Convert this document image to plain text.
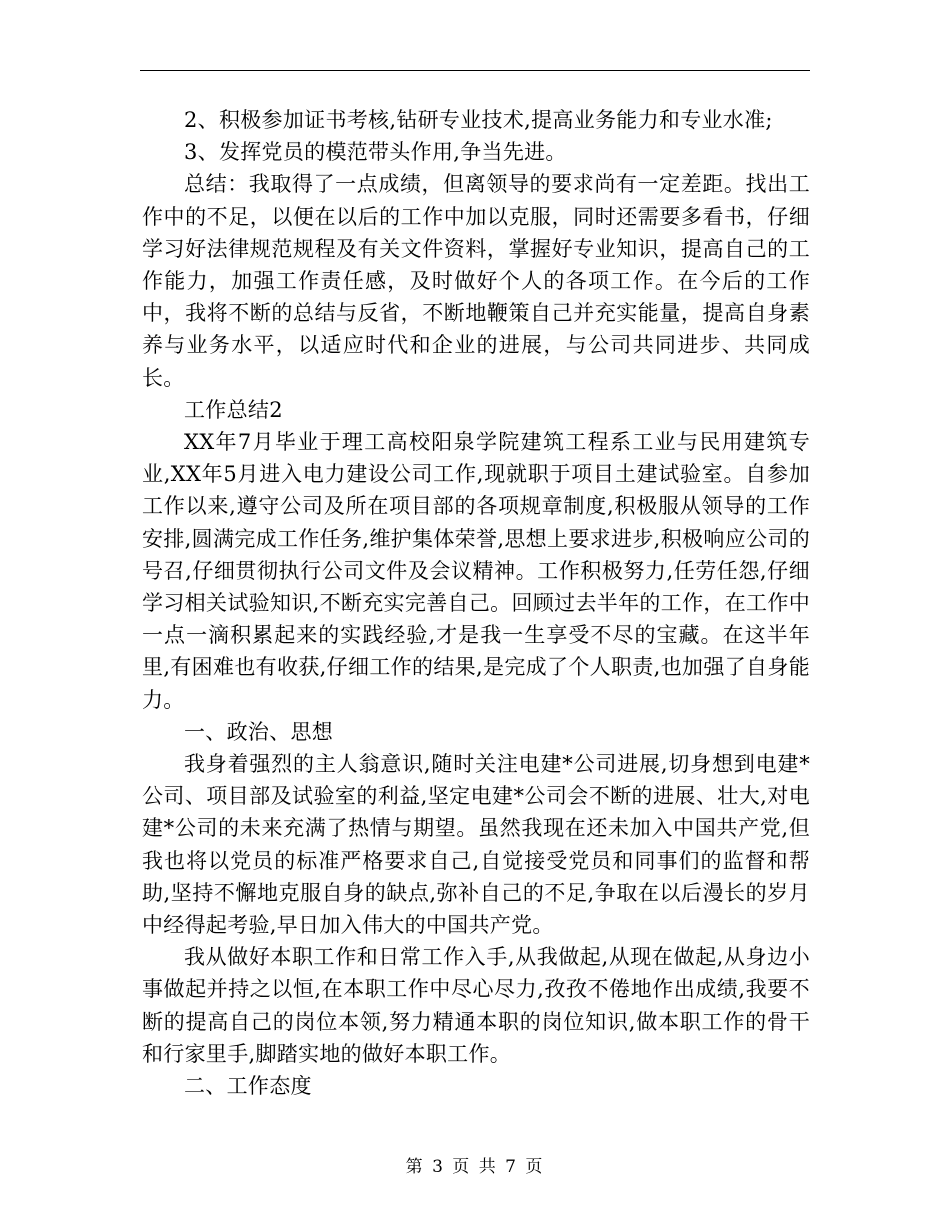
2、积极参加证书考核,钻研专业技术,提高业务能力和专业水准;

3、发挥党员的模范带头作用,争当先进。

总结：我取得了一点成绩，但离领导的要求尚有一定差距。找出工作中的不足，以便在以后的工作中加以克服，同时还需要多看书，仔细学习好法律规范规程及有关文件资料，掌握好专业知识，提高自己的工作能力，加强工作责任感，及时做好个人的各项工作。在今后的工作中，我将不断的总结与反省，不断地鞭策自己并充实能量，提高自身素养与业务水平，以适应时代和企业的进展，与公司共同进步、共同成长。

工作总结2

XX年7月毕业于理工高校阳泉学院建筑工程系工业与民用建筑专业,XX年5月进入电力建设公司工作,现就职于项目土建试验室。自参加工作以来,遵守公司及所在项目部的各项规章制度,积极服从领导的工作安排,圆满完成工作任务,维护集体荣誉,思想上要求进步,积极响应公司的号召,仔细贯彻执行公司文件及会议精神。工作积极努力,任劳任怨,仔细学习相关试验知识,不断充实完善自己。回顾过去半年的工作，在工作中一点一滴积累起来的实践经验,才是我一生享受不尽的宝藏。在这半年里,有困难也有收获,仔细工作的结果,是完成了个人职责,也加强了自身能力。

一、政治、思想

我身着强烈的主人翁意识,随时关注电建*公司进展,切身想到电建*公司、项目部及试验室的利益,坚定电建*公司会不断的进展、壮大,对电建*公司的未来充满了热情与期望。虽然我现在还未加入中国共产党,但我也将以党员的标准严格要求自己,自觉接受党员和同事们的监督和帮助,坚持不懈地克服自身的缺点,弥补自己的不足,争取在以后漫长的岁月中经得起考验,早日加入伟大的中国共产党。

我从做好本职工作和日常工作入手,从我做起,从现在做起,从身边小事做起并持之以恒,在本职工作中尽心尽力,孜孜不倦地作出成绩,我要不断的提高自己的岗位本领,努力精通本职的岗位知识,做本职工作的骨干和行家里手,脚踏实地的做好本职工作。

二、工作态度

第 3 页 共 7 页
